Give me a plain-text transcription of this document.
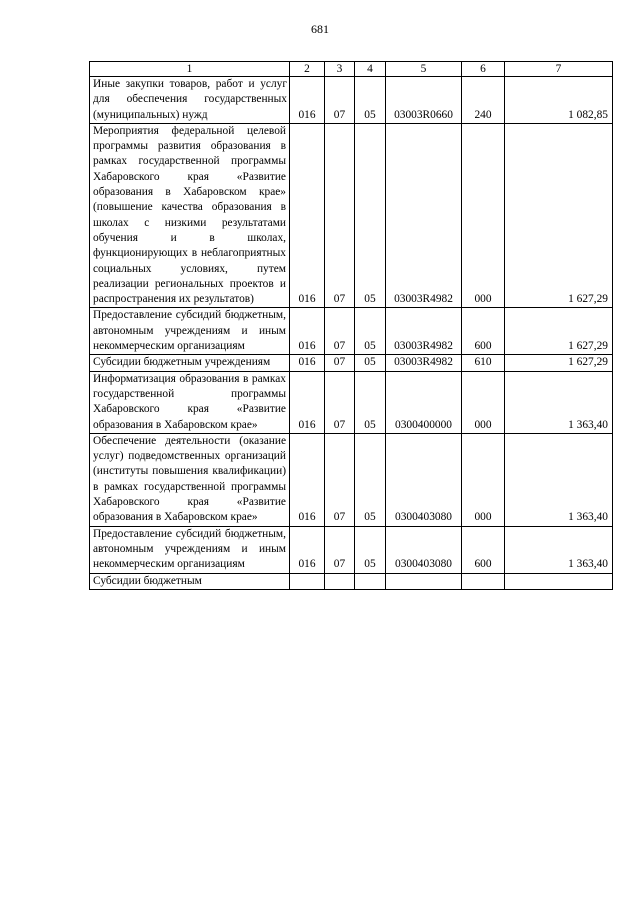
681
1	2	3	4	5	6	7

Иные закупки товаров, работ и услуг для обеспечения государственных (муниципальных) нужд	016	07	05	03003R0660	240	1 082,85

Мероприятия федеральной целевой программы развития образования в рамках государственной программы Хабаровского края «Развитие образования в Хабаровском крае» (повышение качества образования в школах с низкими результатами обучения и в школах, функционирующих в неблагоприятных социальных условиях, путем реализации региональных проектов и распространения их результатов)	016	07	05	03003R4982	000	1 627,29

Предоставление субсидий бюджетным, автономным учреждениям и иным некоммерческим организациям	016	07	05	03003R4982	600	1 627,29

Субсидии бюджетным учреждениям	016	07	05	03003R4982	610	1 627,29

Информатизация образования в рамках государственной программы Хабаровского края «Развитие образования в Хабаровском крае»	016	07	05	0300400000	000	1 363,40

Обеспечение деятельности (оказание услуг) подведомственных организаций (институты повышения квалификации) в рамках государственной программы Хабаровского края «Развитие образования в Хабаровском крае»	016	07	05	0300403080	000	1 363,40

Предоставление субсидий бюджетным, автономным учреждениям и иным некоммерческим организациям	016	07	05	0300403080	600	1 363,40

Субсидии бюджетным						
